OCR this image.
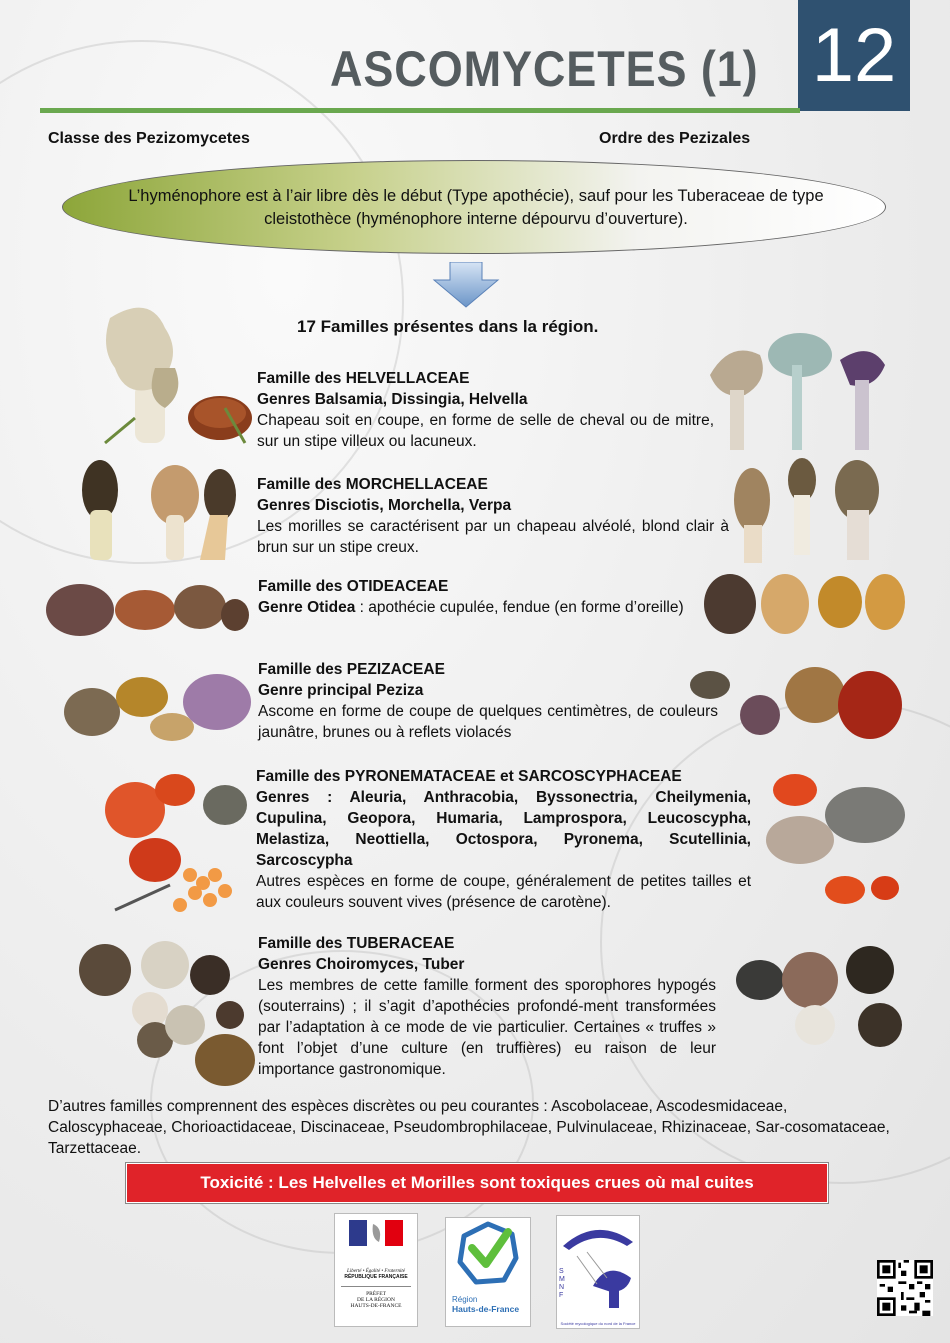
ASCOMYCETES (1) 12
Classe des Pezizomycetes	Ordre des Pezizales
L’hyménophore est à l’air libre dès le début (Type apothécie), sauf pour les Tuberaceae de type cleistothèce (hyménophore interne dépourvu d’ouverture).
17 Familles présentes dans la région.
Famille des HELVELLACEAE
Genres Balsamia, Dissingia, Helvella
Chapeau soit en coupe, en forme de selle de cheval ou de mitre, sur un stipe villeux ou lacuneux.
Famille des MORCHELLACEAE
Genres Disciotis, Morchella, Verpa
Les morilles se caractérisent par un chapeau alvéolé, blond clair à brun sur un stipe creux.
Famille des OTIDEACEAE
Genre Otidea : apothécie cupulée, fendue (en forme d’oreille)
Famille des PEZIZACEAE
Genre principal Peziza
Ascome en forme de coupe de quelques centimètres, de couleurs jaunâtre, brunes ou à reflets violacés
Famille des PYRONEMATACEAE et SARCOSCYPHACEAE
Genres : Aleuria, Anthracobia, Byssonectria, Cheilymenia, Cupulina, Geopora, Humaria, Lamprospora, Leucoscypha, Melastiza, Neottiella, Octospora, Pyronema, Scutellinia, Sarcoscypha
Autres espèces en forme de coupe, généralement de petites tailles et aux couleurs souvent vives (présence de carotène).
Famille des TUBERACEAE
Genres Choiromyces, Tuber
Les membres de cette famille forment des sporophores hypogés (souterrains) ; il s’agit d’apothécies profondé-ment transformées par l’adaptation à ce mode de vie particulier. Certaines « truffes » font l’objet d’une culture (en truffières) eu raison de leur importance gastronomique.
D’autres familles comprennent des espèces discrètes ou peu courantes : Ascobolaceae, Ascodesmidaceae, Caloscyphaceae, Chorioactidaceae, Discinaceae, Pseudombrophilaceae, Pulvinulaceae, Rhizinaceae, Sar-cosomataceae, Tarzettaceae.
Toxicité : Les Helvelles et Morilles sont toxiques crues où mal cuites
Liberté • Égalité • Fraternité
RÉPUBLIQUE FRANÇAISE
PRÉFET
DE LA RÉGION
HAUTS-DE-FRANCE
Région
Hauts-de-France
SMNF
Société mycologique du nord de la France
